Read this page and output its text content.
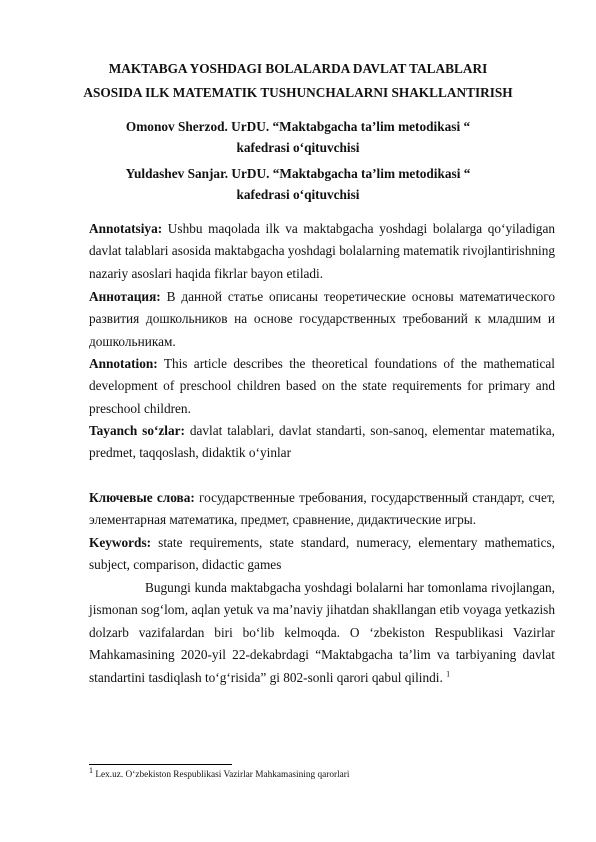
MAKTABGA YOSHDAGI BOLALARDA DAVLAT TALABLARI
ASOSIDA ILK MATEMATIK TUSHUNCHALARNI SHAKLLANTIRISH
Omonov Sherzod. UrDU. “Maktabgacha ta’lim metodikasi “ kafedrasi o‘qituvchisi
Yuldashev Sanjar. UrDU. “Maktabgacha ta’lim metodikasi “ kafedrasi o‘qituvchisi

Annotatsiya: Ushbu maqolada ilk va maktabgacha yoshdagi bolalarga qo‘yiladigan davlat talablari asosida maktabgacha yoshdagi bolalarning matematik rivojlantirishning nazariy asoslari haqida fikrlar bayon etiladi.

Аннотация: В данной статье описаны теоретические основы математического развития дошкольников на основе государственных требований к младшим и дошкольникам.

Annotation: This article describes the theoretical foundations of the mathematical development of preschool children based on the state requirements for primary and preschool children.

Tayanch so‘zlar: davlat talablari, davlat standarti, son-sanoq, elementar matematika, predmet, taqqoslash, didaktik o‘yinlar

Ключевые слова: государственные требования, государственный стандарт, счет, элементарная математика, предмет, сравнение, дидактические игры.

Keywords: state requirements, state standard, numeracy, elementary mathematics, subject, comparison, didactic games

Bugungi kunda maktabgacha yoshdagi bolalarni har tomonlama rivojlangan, jismonan sog‘lom, aqlan yetuk va ma’naviy jihatdan shakllangan etib voyaga yetkazish dolzarb vazifalardan biri bo‘lib kelmoqda. O ‘zbekiston Respublikasi Vazirlar Mahkamasining 2020-yil 22-dekabrdagi “Maktabgacha ta’lim va tarbiyaning davlat standartini tasdiqlash to‘g‘risida” gi 802-sonli qarori qabul qilindi. $^1$

$^1$ Lex.uz. O‘zbekiston Respublikasi Vazirlar Mahkamasining qarorlari
